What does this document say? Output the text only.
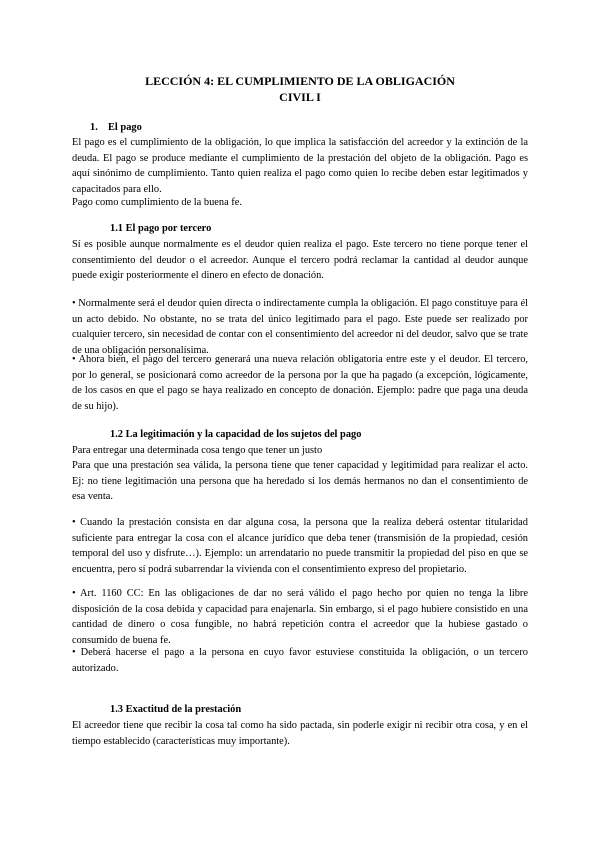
LECCIÓN 4: EL CUMPLIMIENTO DE LA OBLIGACIÓN
CIVIL I
1. El pago
El pago es el cumplimiento de la obligación, lo que implica la satisfacción del acreedor y la extinción de la deuda. El pago se produce mediante el cumplimiento de la prestación del objeto de la obligación. Pago es aquí sinónimo de cumplimiento. Tanto quien realiza el pago como quien lo recibe deben estar legitimados y capacitados para ello.
Pago como cumplimiento de la buena fe.
1.1 El pago por tercero
Sí es posible aunque normalmente es el deudor quien realiza el pago. Este tercero no tiene porque tener el consentimiento del deudor o el acreedor. Aunque el tercero podrá reclamar la cantidad al deudor aunque puede exigir posteriormente el dinero en efecto de donación.
• Normalmente será el deudor quien directa o indirectamente cumpla la obligación. El pago constituye para él un acto debido. No obstante, no se trata del único legitimado para el pago. Este puede ser realizado por cualquier tercero, sin necesidad de contar con el consentimiento del acreedor ni del deudor, salvo que se trate de una obligación personalísima.
• Ahora bien, el pago del tercero generará una nueva relación obligatoria entre este y el deudor. El tercero, por lo general, se posicionará como acreedor de la persona por la que ha pagado (a excepción, lógicamente, de los casos en que el pago se haya realizado en concepto de donación. Ejemplo: padre que paga una deuda de su hijo).
1.2 La legitimación y la capacidad de los sujetos del pago
Para entregar una determinada cosa tengo que tener un justo
Para que una prestación sea válida, la persona tiene que tener capacidad y legitimidad para realizar el acto. Ej: no tiene legitimación una persona que ha heredado si los demás hermanos no dan el consentimiento de esa venta.
• Cuando la prestación consista en dar alguna cosa, la persona que la realiza deberá ostentar titularidad suficiente para entregar la cosa con el alcance jurídico que deba tener (transmisión de la propiedad, cesión temporal del uso y disfrute…). Ejemplo: un arrendatario no puede transmitir la propiedad del piso en que se encuentra, pero sí podrá subarrendar la vivienda con el consentimiento expreso del propietario.
• Art. 1160 CC: En las obligaciones de dar no será válido el pago hecho por quien no tenga la libre disposición de la cosa debida y capacidad para enajenarla. Sin embargo, si el pago hubiere consistido en una cantidad de dinero o cosa fungible, no habrá repetición contra el acreedor que la hubiese gastado o consumido de buena fe.
• Deberá hacerse el pago a la persona en cuyo favor estuviese constituida la obligación, o un tercero autorizado.
1.3 Exactitud de la prestación
El acreedor tiene que recibir la cosa tal como ha sido pactada, sin poderle exigir ni recibir otra cosa, y en el tiempo establecido (características muy importante).
